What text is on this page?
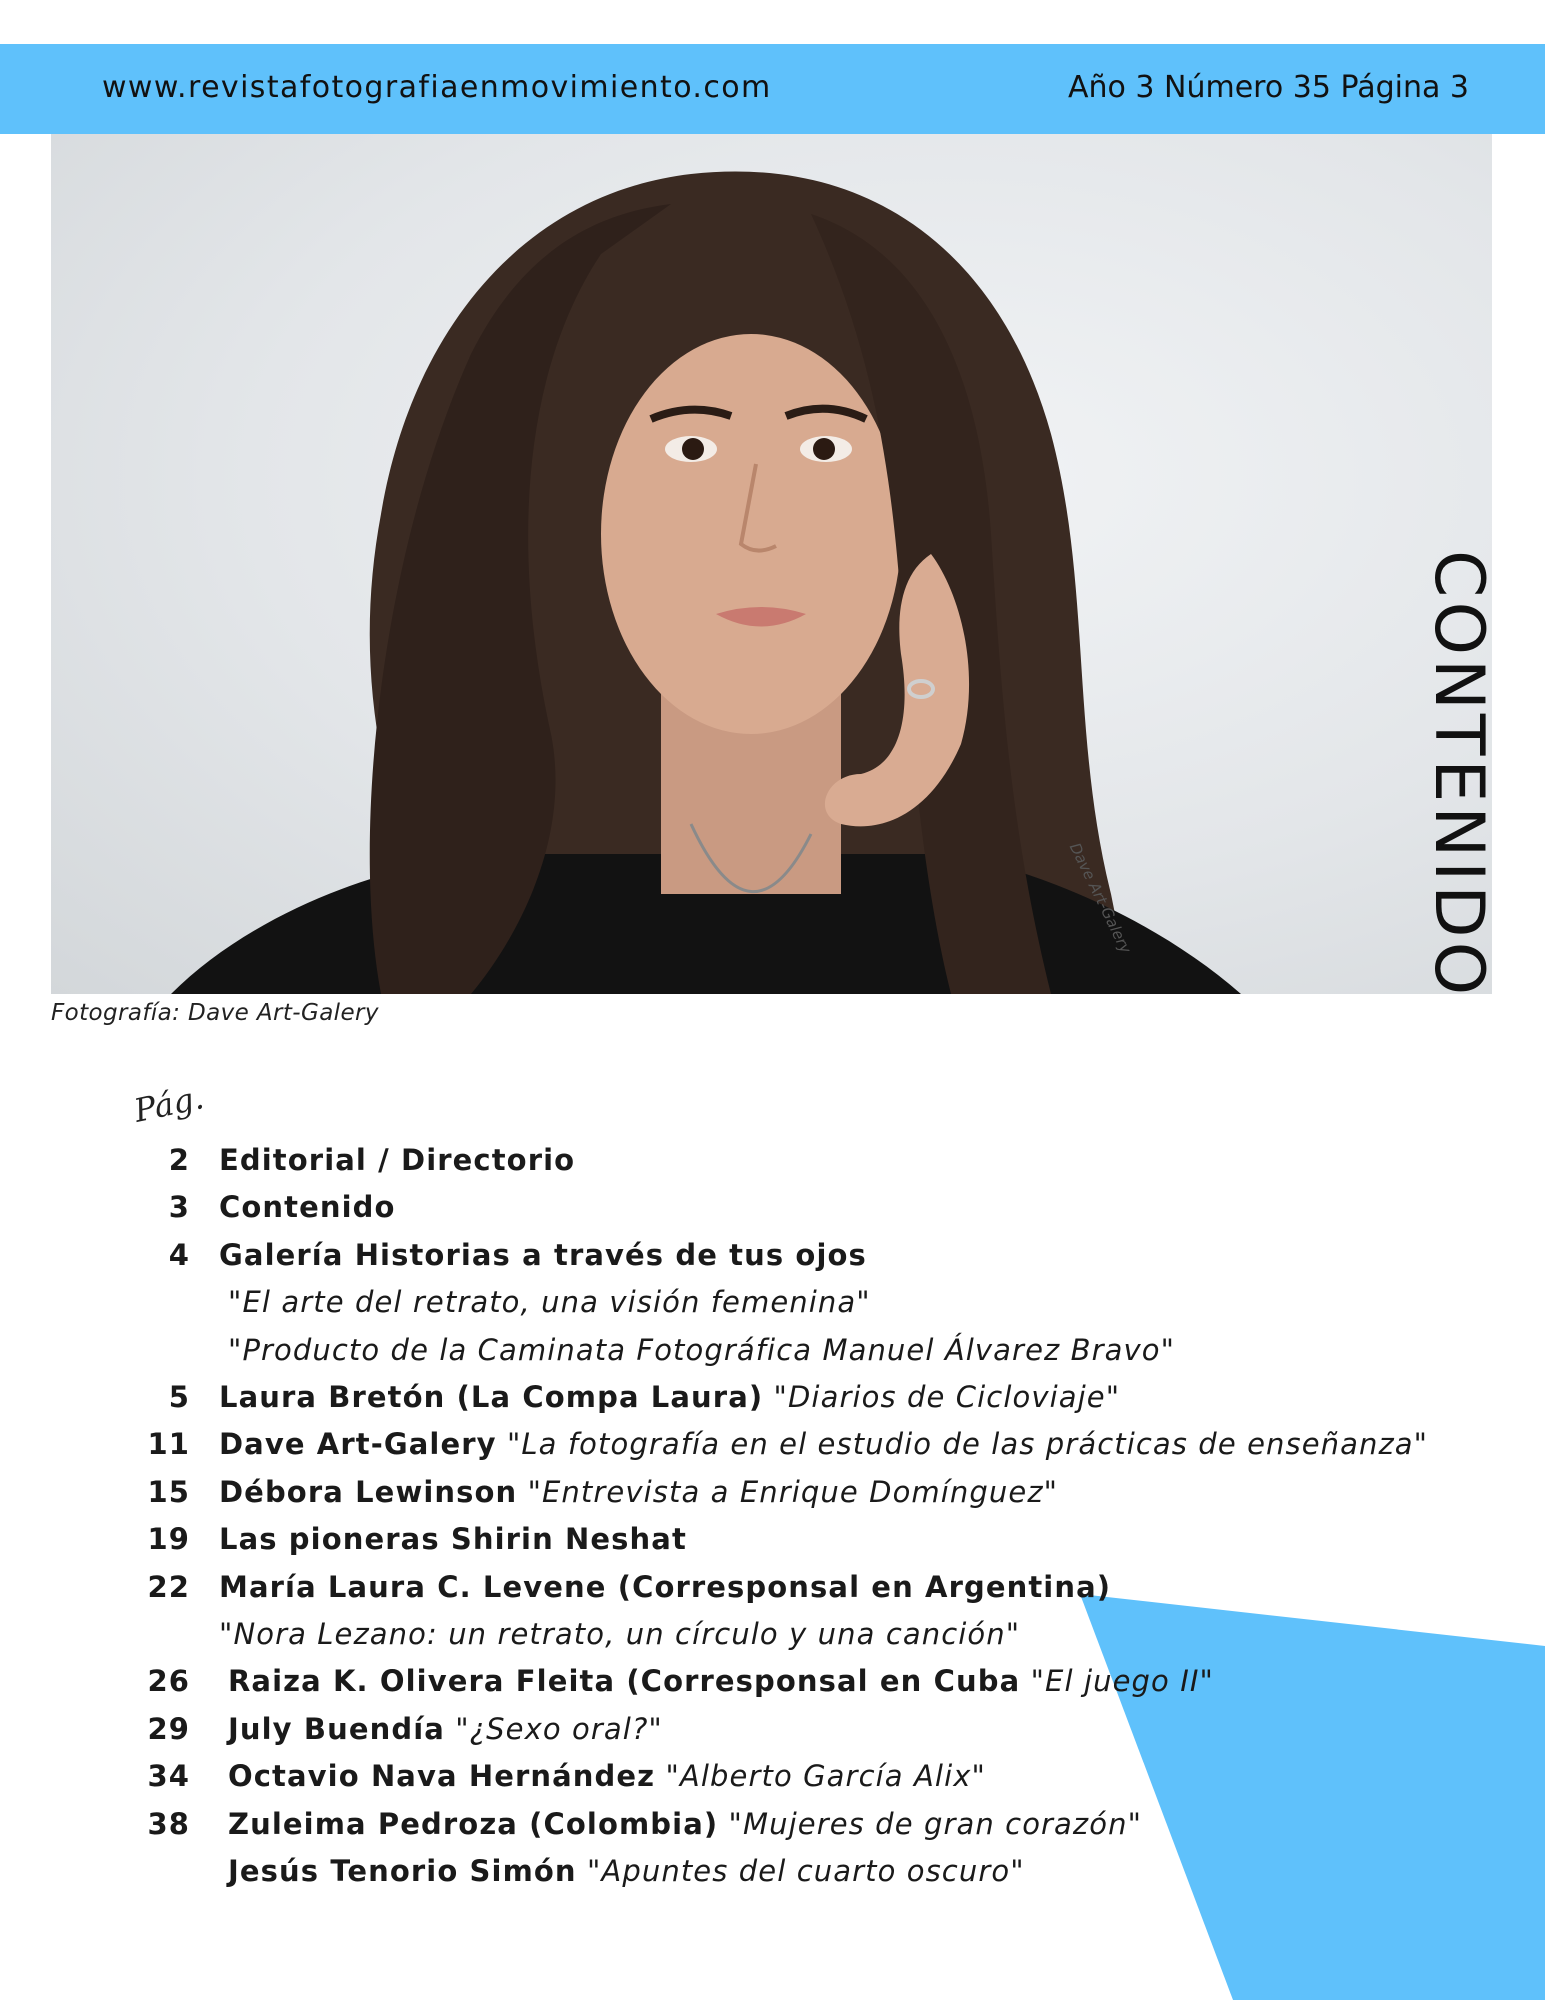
www.revistafotografiaenmovimiento.com	Año 3 Número 35 Página 3
Dave Art-Galery	CONTENIDO
Fotografía: Dave Art-Galery
Pág.
2 Editorial / Directorio
3 Contenido
4 Galería Historias a través de tus ojos
"El arte del retrato, una visión femenina"
"Producto de la Caminata Fotográfica Manuel Álvarez Bravo"
5 Laura Bretón (La Compa Laura) "Diarios de Cicloviaje"
11 Dave Art-Galery "La fotografía en el estudio de las prácticas de enseñanza"
15 Débora Lewinson "Entrevista a Enrique Domínguez"
19 Las pioneras Shirin Neshat
22 María Laura C. Levene (Corresponsal en Argentina)
"Nora Lezano: un retrato, un círculo y una canción"
26 Raiza K. Olivera Fleita (Corresponsal en Cuba "El juego II"
29 July Buendía "¿Sexo oral?"
34 Octavio Nava Hernández "Alberto García Alix"
38 Zuleima Pedroza (Colombia) "Mujeres de gran corazón"
Jesús Tenorio Simón "Apuntes del cuarto oscuro"
